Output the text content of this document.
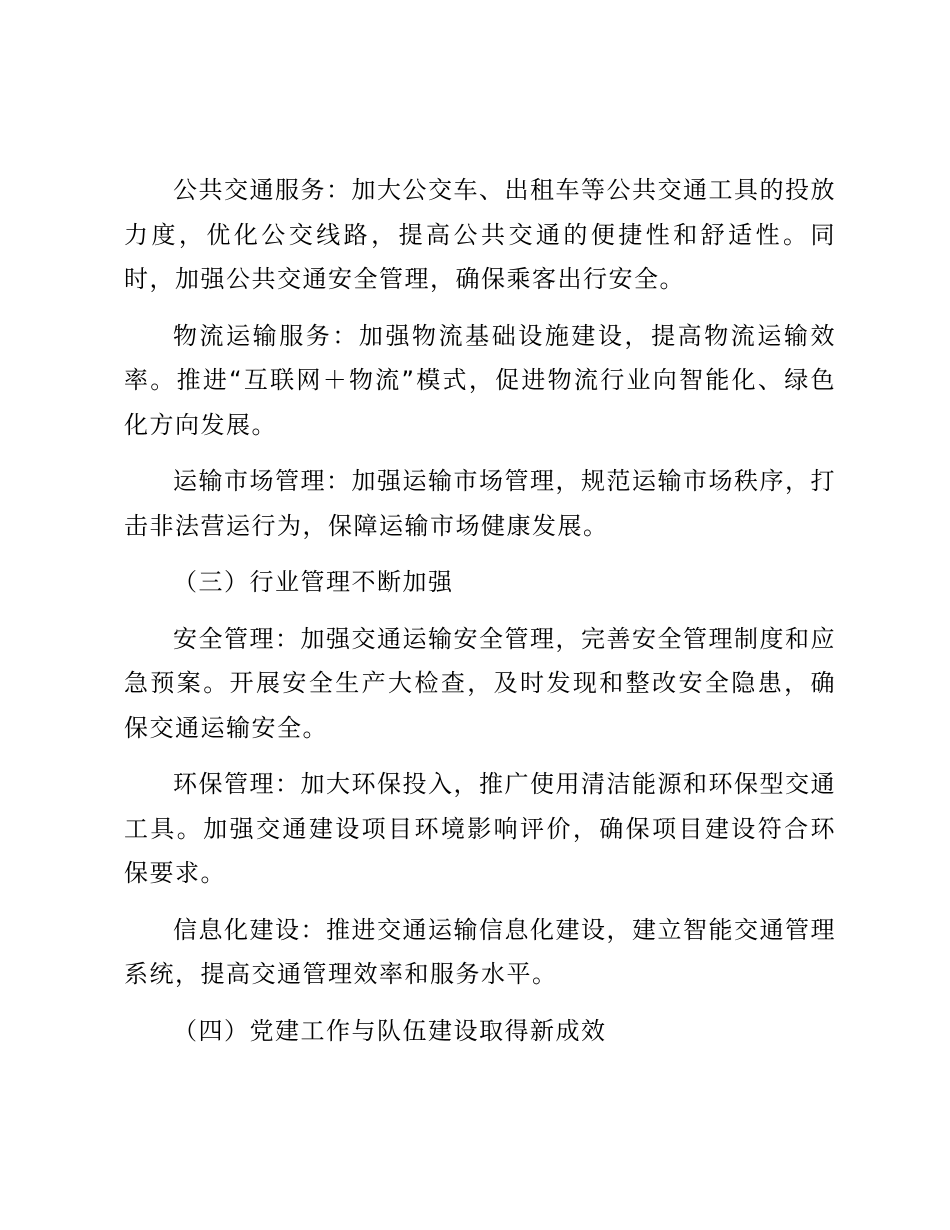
公共交通服务：加大公交车、出租车等公共交通工具的投放力度，优化公交线路，提高公共交通的便捷性和舒适性。同时，加强公共交通安全管理，确保乘客出行安全。

物流运输服务：加强物流基础设施建设，提高物流运输效率。推进“互联网＋物流”模式，促进物流行业向智能化、绿色化方向发展。

运输市场管理：加强运输市场管理，规范运输市场秩序，打击非法营运行为，保障运输市场健康发展。

（三）行业管理不断加强

安全管理：加强交通运输安全管理，完善安全管理制度和应急预案。开展安全生产大检查，及时发现和整改安全隐患，确保交通运输安全。

环保管理：加大环保投入，推广使用清洁能源和环保型交通工具。加强交通建设项目环境影响评价，确保项目建设符合环保要求。

信息化建设：推进交通运输信息化建设，建立智能交通管理系统，提高交通管理效率和服务水平。

（四）党建工作与队伍建设取得新成效
